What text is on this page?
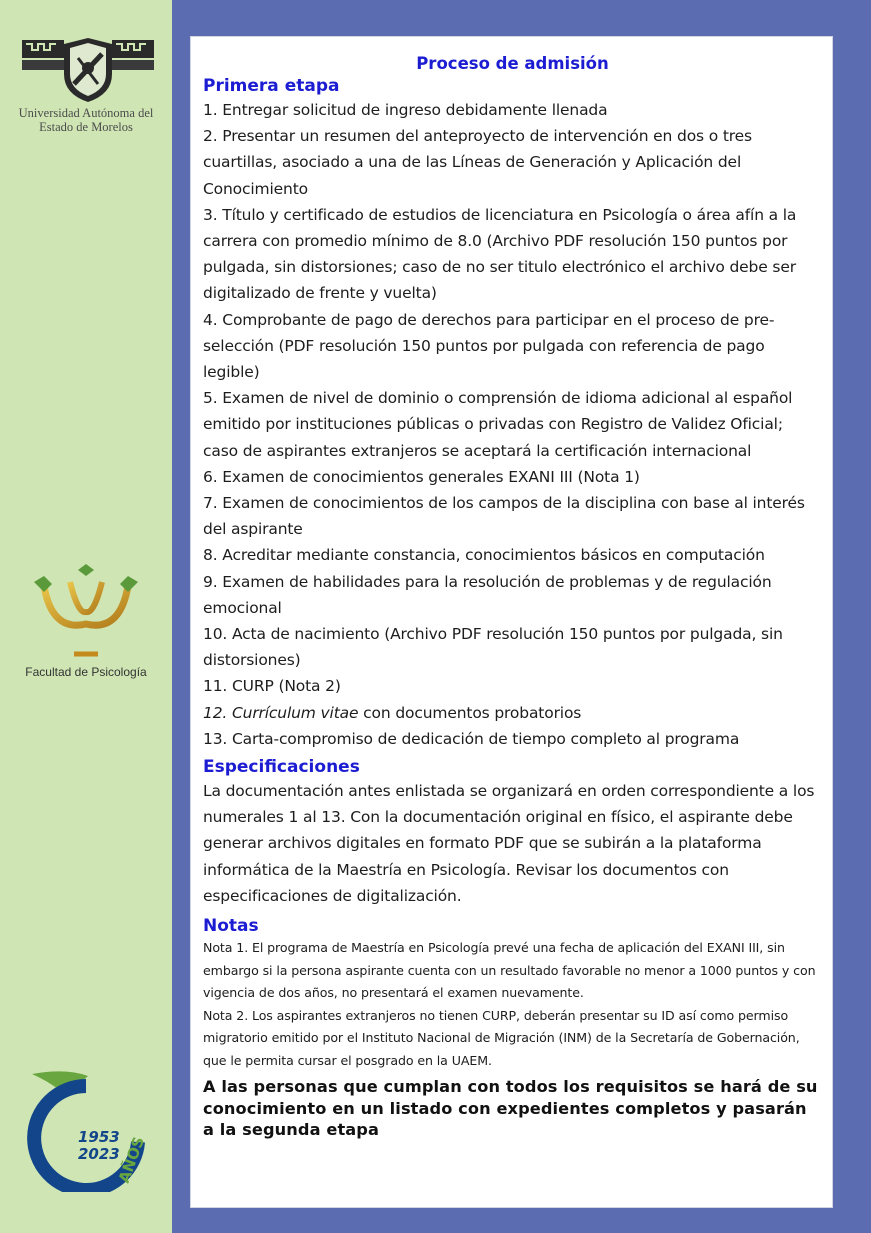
Universidad Autónoma del
Estado de Morelos
Facultad de Psicología
1953
2023
AÑOS
Proceso de admisión
Primera etapa
1. Entregar solicitud de ingreso debidamente llenada
2. Presentar un resumen del anteproyecto de intervención en dos o tres cuartillas, asociado a una de las Líneas de Generación y Aplicación del Conocimiento
3. Título y certificado de estudios de licenciatura en Psicología o área afín a la carrera con promedio mínimo de 8.0 (Archivo PDF resolución 150 puntos por pulgada, sin distorsiones; caso de no ser titulo electrónico el archivo debe ser digitalizado de frente y vuelta)
4. Comprobante de pago de derechos para participar en el proceso de pre-selección (PDF resolución 150 puntos por pulgada con referencia de pago legible)
5. Examen de nivel de dominio o comprensión de idioma adicional al español emitido por instituciones públicas o privadas con Registro de Validez Oficial; caso de aspirantes extranjeros se aceptará la certificación internacional
6. Examen de conocimientos generales EXANI III (Nota 1)
7. Examen de conocimientos de los campos de la disciplina con base al interés del aspirante
8. Acreditar mediante constancia, conocimientos básicos en computación
9. Examen de habilidades para la resolución de problemas y de regulación emocional
10. Acta de nacimiento (Archivo PDF resolución 150 puntos por pulgada, sin distorsiones)
11. CURP (Nota 2)
12. Currículum vitae con documentos probatorios
13. Carta-compromiso de dedicación de tiempo completo al programa
Especificaciones
La documentación antes enlistada se organizará en orden correspondiente a los numerales 1 al 13. Con la documentación original en físico, el aspirante debe generar archivos digitales en formato PDF que se subirán a la plataforma informática de la Maestría en Psicología. Revisar los documentos con especificaciones de digitalización.
Notas

Nota 1. El programa de Maestría en Psicología prevé una fecha de aplicación del EXANI III, sin embargo si la persona aspirante cuenta con un resultado favorable no menor a 1000 puntos y con vigencia de dos años, no presentará el examen nuevamente.

Nota 2. Los aspirantes extranjeros no tienen CURP, deberán presentar su ID así como permiso migratorio emitido por el Instituto Nacional de Migración (INM) de la Secretaría de Gobernación, que le permita cursar el posgrado en la UAEM.

A las personas que cumplan con todos los requisitos se hará de su conocimiento en un listado con expedientes completos y pasarán a la segunda etapa
